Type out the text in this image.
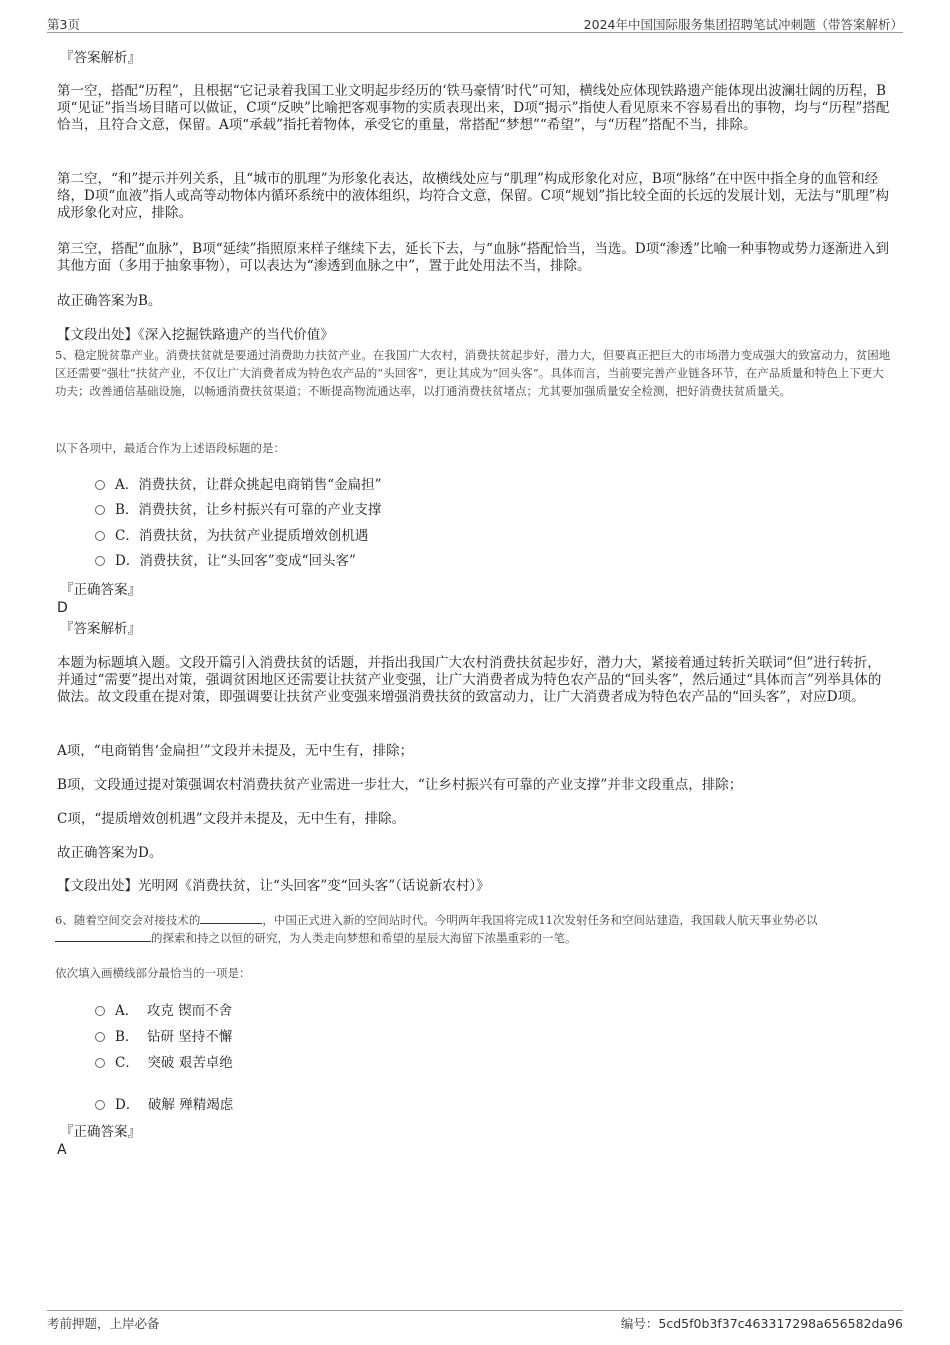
第3页	2024年中国国际服务集团招聘笔试冲刺题（带答案解析）

『答案解析』

第一空，搭配“历程”，且根据“它记录着我国工业文明起步经历的‘铁马豪情’时代”可知，横线处应体现铁路遗产能体现出波澜壮阔的历程，B项“见证”指当场目睹可以做证，C项“反映”比喻把客观事物的实质表现出来，D项“揭示”指使人看见原来不容易看出的事物，均与“历程”搭配恰当，且符合文意，保留。A项“承载”指托着物体，承受它的重量，常搭配“梦想”“希望”，与“历程”搭配不当，排除。

第二空，“和”提示并列关系，且“城市的肌理”为形象化表达，故横线处应与“肌理”构成形象化对应，B项“脉络”在中医中指全身的血管和经络，D项“血液”指人或高等动物体内循环系统中的液体组织，均符合文意，保留。C项“规划”指比较全面的长远的发展计划，无法与“肌理”构成形象化对应，排除。

第三空，搭配“血脉”，B项“延续”指照原来样子继续下去，延长下去，与“血脉”搭配恰当，当选。D项“渗透”比喻一种事物或势力逐渐进入到其他方面（多用于抽象事物），可以表达为“渗透到血脉之中”，置于此处用法不当，排除。

故正确答案为B。

【文段出处】《深入挖掘铁路遗产的当代价值》

5、稳定脱贫靠产业。消费扶贫就是要通过消费助力扶贫产业。在我国广大农村，消费扶贫起步好，潜力大，但要真正把巨大的市场潜力变成强大的致富动力，贫困地区还需要“强壮”扶贫产业，不仅让广大消费者成为特色农产品的“头回客”，更让其成为“回头客”。具体而言，当前要完善产业链各环节，在产品质量和特色上下更大功夫；改善通信基础设施，以畅通消费扶贫渠道；不断提高物流通达率，以打通消费扶贫堵点；尤其要加强质量安全检测，把好消费扶贫质量关。

以下各项中，最适合作为上述语段标题的是：

A．消费扶贫，让群众挑起电商销售“金扁担”
B．消费扶贫，让乡村振兴有可靠的产业支撑
C．消费扶贫，为扶贫产业提质增效创机遇
D．消费扶贫，让“头回客”变成“回头客”

『正确答案』

D

『答案解析』

本题为标题填入题。文段开篇引入消费扶贫的话题，并指出我国广大农村消费扶贫起步好，潜力大，紧接着通过转折关联词“但”进行转折，并通过“需要”提出对策，强调贫困地区还需要让扶贫产业变强，让广大消费者成为特色农产品的“回头客”，然后通过“具体而言”列举具体的做法。故文段重在提对策，即强调要让扶贫产业变强来增强消费扶贫的致富动力，让广大消费者成为特色农产品的“回头客”，对应D项。

A项，“电商销售‘金扁担’”文段并未提及，无中生有，排除；

B项，文段通过提对策强调农村消费扶贫产业需进一步壮大，“让乡村振兴有可靠的产业支撑”并非文段重点，排除；

C项，“提质增效创机遇”文段并未提及，无中生有，排除。

故正确答案为D。

【文段出处】光明网《消费扶贫，让“头回客”变“回头客”（话说新农村）》

6、随着空间交会对接技术的	，中国正式进入新的空间站时代。今明两年我国将完成11次发射任务和空间站建造，我国载人航天事业势必以的探索和持之以恒的研究，为人类走向梦想和希望的星辰大海留下浓墨重彩的一笔。

依次填入画横线部分最恰当的一项是：

A． 攻克 锲而不舍
B． 钻研 坚持不懈
C． 突破 艰苦卓绝
D． 破解 殚精竭虑

『正确答案』

A

考前押题，上岸必备	编号：5cd5f0b3f37c463317298a656582da96
